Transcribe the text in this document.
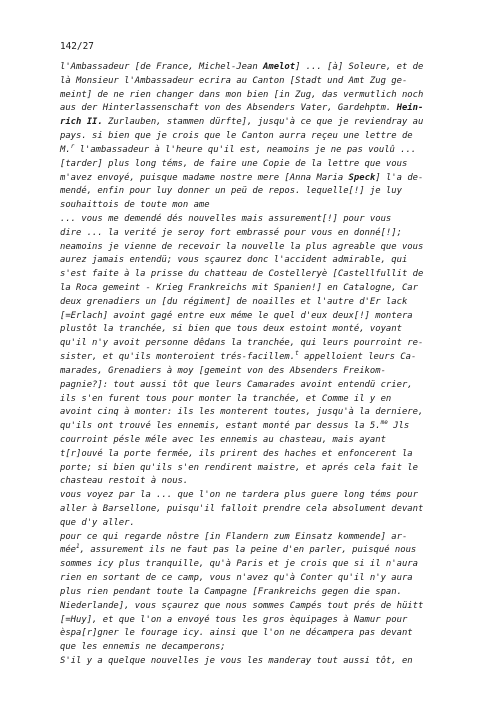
142/27
l'Ambassadeur [de France, Michel-Jean Amelot] ... [à] Soleure, et de
là Monsieur l'Ambassadeur ecrira au Canton [Stadt und Amt Zug ge-
meint] de ne rien changer dans mon bien [in Zug, das vermutlich noch
aus der Hinterlassenschaft von des Absenders Vater, Gardehptm. Hein-
rich II. Zurlauben, stammen dürfte], jusqu'à ce que je reviendray au
pays. si bien que je crois que le Canton aurra reçeu une lettre de
M.$^r$ l'ambassadeur à l'heure qu'il est, neamoins je ne pas voulû ...
[tarder] plus long téms, de faire une Copie de la lettre que vous
m'avez envoyé, puisque madame nostre mere [Anna Maria Speck] l'a de-
mendé, enfin pour luy donner un peü de repos. lequelle[!] je luy
souhaittois de toute mon ame
... vous me demendé dés nouvelles mais assurement[!] pour vous
dire ... la verité je seroy fort embrassé pour vous en donné[!];
neamoins je vienne de recevoir la nouvelle la plus agreable que vous
aurez jamais entendü; vous sçaurez donc l'accident admirable, qui
s'est faite à la prisse du chatteau de Costelleryè [Castellfullit de
la Roca gemeint - Krieg Frankreichs mit Spanien!] en Catalogne, Car
deux grenadiers un [du régiment] de noailles et l'autre d'Er lack
[=Erlach] avoint gagé entre eux méme le quel d'eux deux[!] montera
plustôt la tranchée, si bien que tous deux estoint monté, voyant
qu'il n'y avoit personne dêdans la tranchée, qui leurs pourroint re-
sister, et qu'ils monteroient trés-facillem.$^t$ appelloient leurs Ca-
marades, Grenadiers à moy [gemeint von des Absenders Freikom-
pagnie?]: tout aussi tôt que leurs Camarades avoint entendü crier,
ils s'en furent tous pour monter la tranchée, et Comme il y en
avoint cinq à monter: ils les monterent toutes, jusqu'à la derniere,
qu'ils ont trouvé les ennemis, estant monté par dessus la 5.$^{me}$ Jls
courroint pésle méle avec les ennemis au chasteau, mais ayant
t[r]ouvé la porte fermée, ils prirent des haches et enfoncerent la
porte; si bien qu'ils s'en rendirent maistre, et aprés cela fait le
chasteau restoit à nous.
vous voyez par la ... que l'on ne tardera plus guere long téms pour
aller à Barsellone, puisqu'il falloit prendre cela absolument devant
que d'y aller.
pour ce qui regarde nôstre [in Flandern zum Einsatz kommende] ar-
mée$^1$, assurement ils ne faut pas la peine d'en parler, puisqué nous
sommes icy plus tranquille, qu'à Paris et je crois que si il n'aura
rien en sortant de ce camp, vous n'avez qu'à Conter qu'il n'y aura
plus rien pendant toute la Campagne [Frankreichs gegen die span.
Niederlande], vous sçaurez que nous sommes Campés tout prés de hüitt
[=Huy], et que l'on a envoyé tous les gros èquipages à Namur pour
èspa[r]gner le fourage icy. ainsi que l'on ne décampera pas devant
que les ennemis ne decamperons;
S'il y a quelque nouvelles je vous les manderay tout aussi tôt, en
